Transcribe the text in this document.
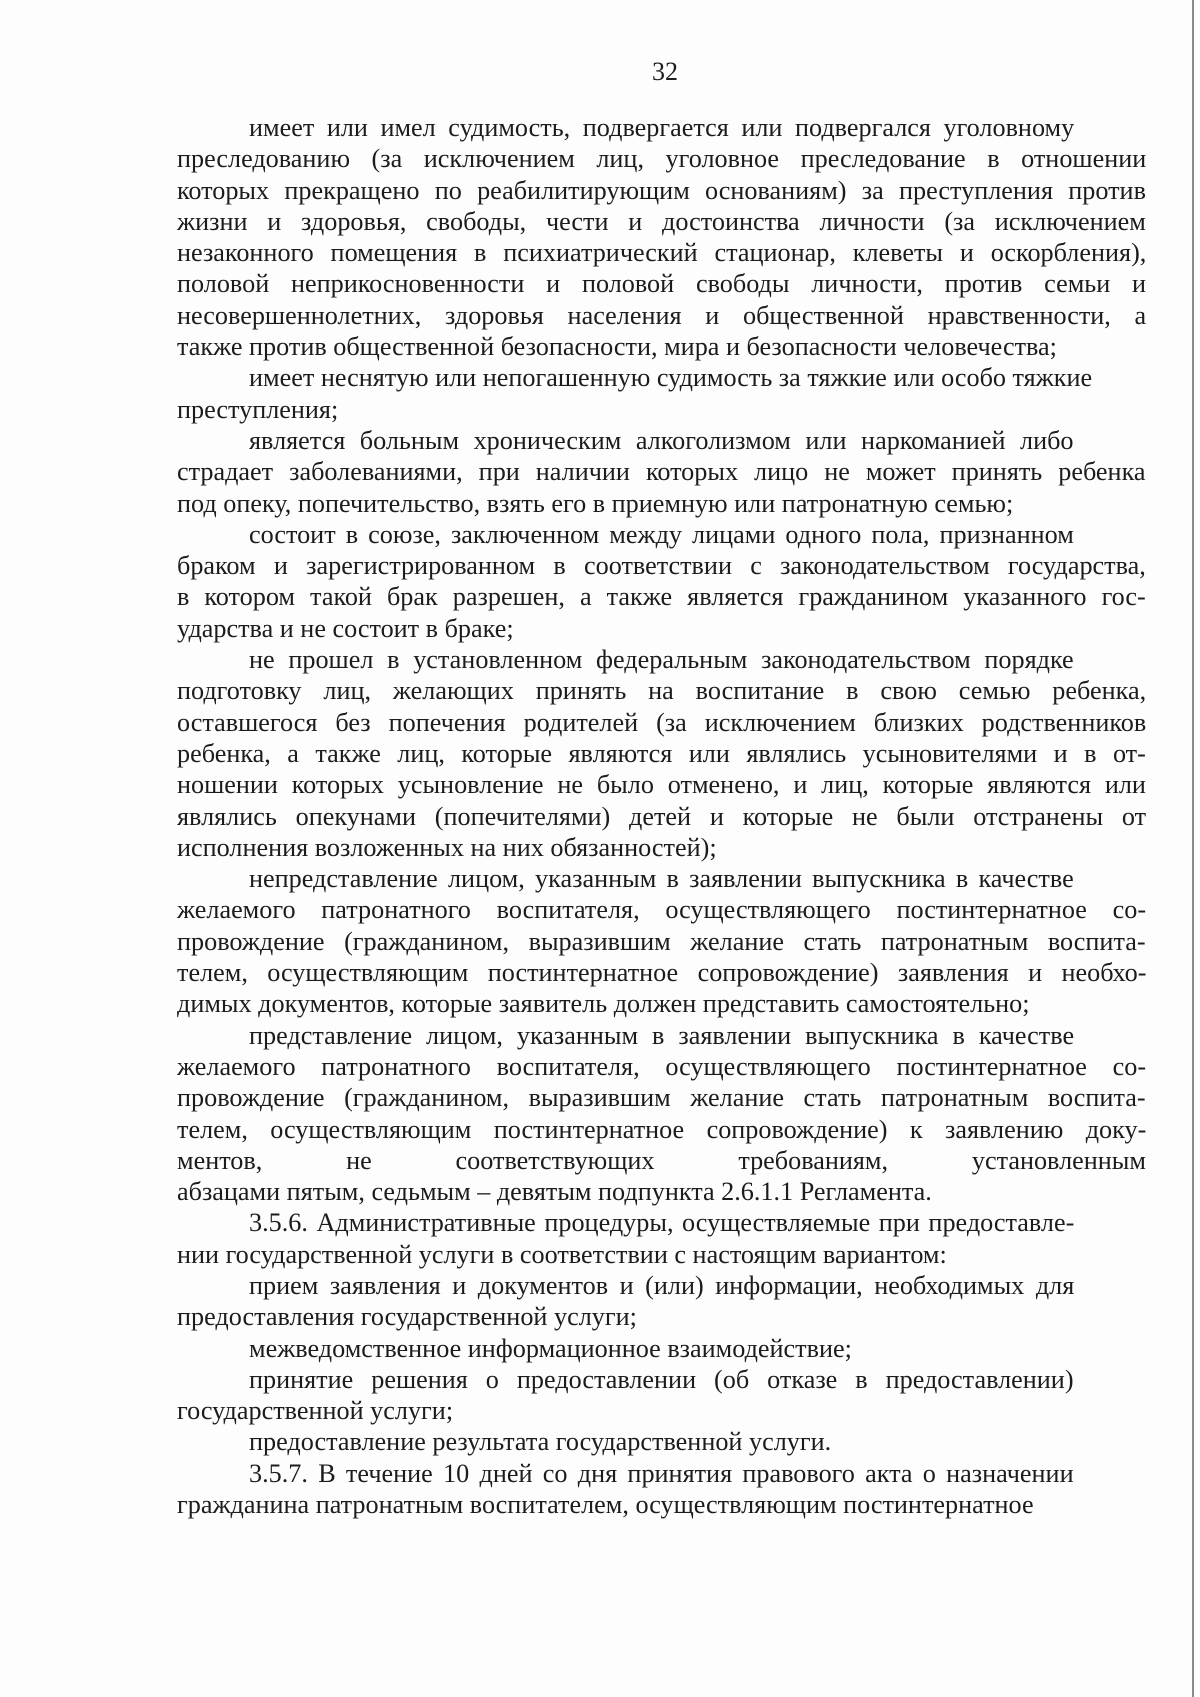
32

имеет или имел судимость, подвергается или подвергался уголовному
преследованию (за исключением лиц, уголовное преследование в отношении
которых прекращено по реабилитирующим основаниям) за преступления против
жизни и здоровья, свободы, чести и достоинства личности (за исключением
незаконного помещения в психиатрический стационар, клеветы и оскорбления),
половой неприкосновенности и половой свободы личности, против семьи и
несовершеннолетних, здоровья населения и общественной нравственности, а
также против общественной безопасности, мира и безопасности человечества;

имеет неснятую или непогашенную судимость за тяжкие или особо тяжкие
преступления;

является больным хроническим алкоголизмом или наркоманией либо
страдает заболеваниями, при наличии которых лицо не может принять ребенка
под опеку, попечительство, взять его в приемную или патронатную семью;

состоит в союзе, заключенном между лицами одного пола, признанном
браком и зарегистрированном в соответствии с законодательством государства,
в котором такой брак разрешен, а также является гражданином указанного гос-
ударства и не состоит в браке;

не прошел в установленном федеральным законодательством порядке
подготовку лиц, желающих принять на воспитание в свою семью ребенка,
оставшегося без попечения родителей (за исключением близких родственников
ребенка, а также лиц, которые являются или являлись усыновителями и в от-
ношении которых усыновление не было отменено, и лиц, которые являются или
являлись опекунами (попечителями) детей и которые не были отстранены от
исполнения возложенных на них обязанностей);

непредставление лицом, указанным в заявлении выпускника в качестве
желаемого патронатного воспитателя, осуществляющего постинтернатное со-
провождение (гражданином, выразившим желание стать патронатным воспита-
телем, осуществляющим постинтернатное сопровождение) заявления и необхо-
димых документов, которые заявитель должен представить самостоятельно;

представление лицом, указанным в заявлении выпускника в качестве
желаемого патронатного воспитателя, осуществляющего постинтернатное со-
провождение (гражданином, выразившим желание стать патронатным воспита-
телем, осуществляющим постинтернатное сопровождение) к заявлению доку-
ментов, не соответствующих требованиям, установленным
абзацами пятым, седьмым – девятым подпункта 2.6.1.1 Регламента.

3.5.6. Административные процедуры, осуществляемые при предоставле-
нии государственной услуги в соответствии с настоящим вариантом:

прием заявления и документов и (или) информации, необходимых для
предоставления государственной услуги;

межведомственное информационное взаимодействие;

принятие решения о предоставлении (об отказе в предоставлении)
государственной услуги;

предоставление результата государственной услуги.

3.5.7. В течение 10 дней со дня принятия правового акта о назначении
гражданина патронатным воспитателем, осуществляющим постинтернатное
